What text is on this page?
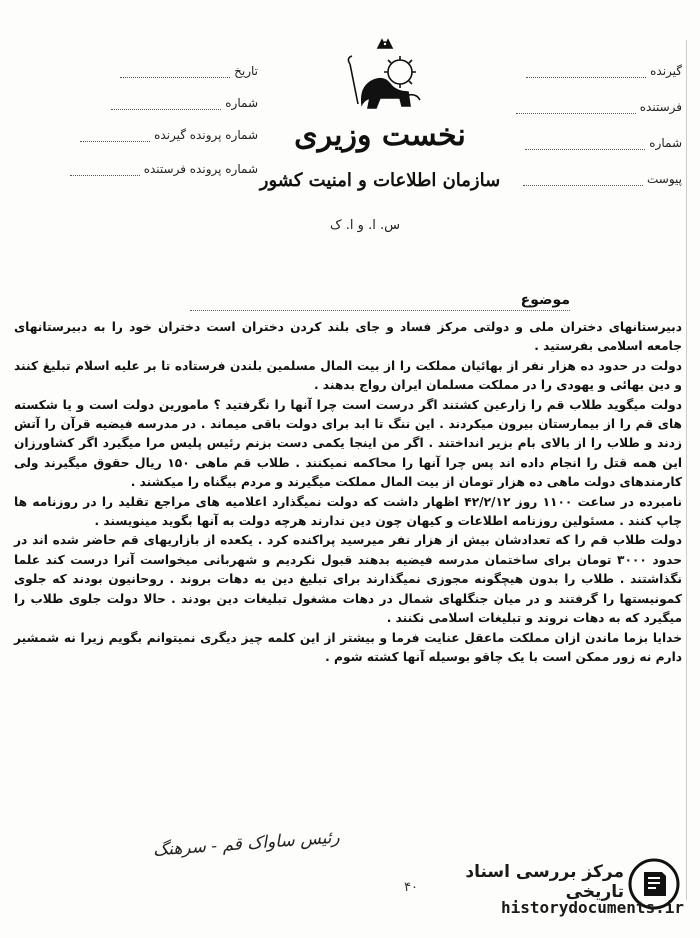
تاریخ
شماره
شماره پرونده گیرنده
شماره پرونده فرستنده
گیرنده
فرستنده
شماره
پیوست
نخست وزیری
سازمان اطلاعات و امنیت کشور
س. ا. و ا. ک
موضوع

دبیرستانهای دختران ملی و دولتی مرکز فساد و جای بلند کردن دختران است دختران خود را به دبیرستانهای جامعه اسلامی بفرستید .

دولت در حدود ده هزار نفر از بهائیان مملکت را از بیت المال مسلمین بلندن فرستاده تا بر علیه اسلام تبلیغ کنند و دین بهائی و یهودی را در مملکت مسلمان ایران رواج بدهند .

دولت میگوید طلاب قم را زارعین کشتند اگر درست است چرا آنها را نگرفتید ؟ مامورین دولت است و یا شکسته های قم را از بیمارستان بیرون میکردند . این ننگ تا ابد برای دولت باقی میماند . در مدرسه فیضیه قرآن را آتش زدند و طلاب را از بالای بام بزیر انداختند . اگر من اینجا یکمی دست بزنم رئیس پلیس مرا میگیرد اگر کشاورزان این همه قتل را انجام داده اند پس چرا آنها را محاکمه نمیکنند . طلاب قم ماهی ۱۵۰ ریال حقوق میگیرند ولی کارمندهای دولت ماهی ده هزار تومان از بیت المال مملکت میگیرند و مردم بیگناه را میکشند .

نامبرده در ساعت ۱۱۰۰ روز ۴۲/۲/۱۲ اظهار داشت که دولت نمیگذارد اعلامیه های مراجع تقلید را در روزنامه ها چاپ کنند . مسئولین روزنامه اطلاعات و کیهان چون دین ندارند هرچه دولت به آنها بگوید مینویسند .

دولت طلاب قم را که تعدادشان بیش از هزار نفر میرسید پراکنده کرد . یکعده از بازاریهای قم حاضر شده اند در حدود ۳۰۰۰ تومان برای ساختمان مدرسه فیضیه بدهند قبول نکردیم و شهربانی میخواست آنرا درست کند علما نگذاشتند . طلاب را بدون هیچگونه مجوزی نمیگذارند برای تبلیغ دین به دهات بروند . روحانیون بودند که جلوی کمونیستها را گرفتند و در میان جنگلهای شمال در دهات مشغول تبلیغات دین بودند . حالا دولت جلوی طلاب را میگیرد که به دهات نروند و تبلیغات اسلامی نکنند .

خدایا بزما ماندن ازان مملکت ماعقل عنایت فرما و بیشتر از این کلمه چیز دیگری نمیتوانم بگویم زیرا نه شمشیر دارم نه زور ممکن است با یک چاقو بوسیله آنها کشته شوم .

رئیس ساواک قم - سرهنگ
۴۰
مرکز بررسی اسناد تاریخی
historydocuments.ir
